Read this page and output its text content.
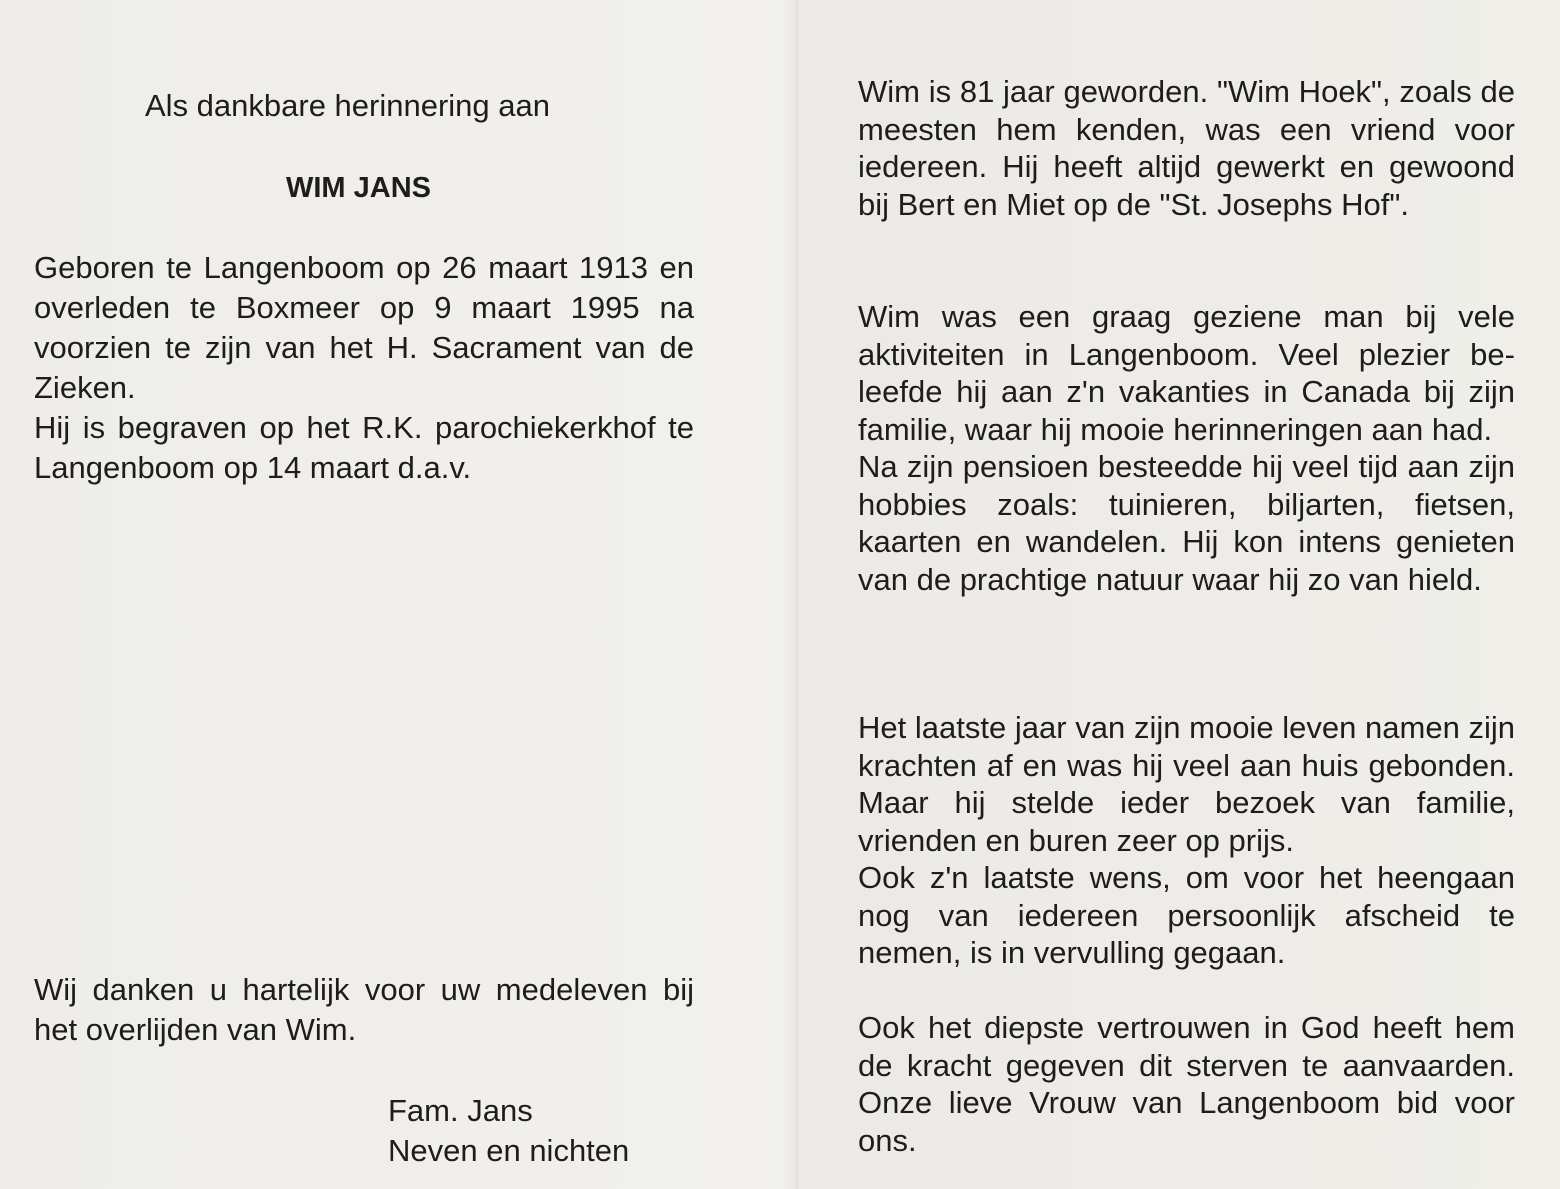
Als dankbare herinnering aan
WIM JANS
Geboren te Langenboom op 26 maart 1913 en overleden te Boxmeer op 9 maart 1995 na voorzien te zijn van het H. Sacrament van de Zieken.
Hij is begraven op het R.K. parochiekerkhof te Langenboom op 14 maart d.a.v.

Wij danken u hartelijk voor uw medeleven bij het overlijden van Wim.

Fam. Jans
Neven en nichten

Wim is 81 jaar geworden. "Wim Hoek", zoals de meesten hem kenden, was een vriend voor iedereen. Hij heeft altijd gewerkt en gewoond bij Bert en Miet op de "St. Josephs Hof".

Wim was een graag geziene man bij vele aktiviteiten in Langenboom. Veel plezier beleefde hij aan z'n vakanties in Canada bij zijn familie, waar hij mooie herinneringen aan had.
Na zijn pensioen besteedde hij veel tijd aan zijn hobbies zoals: tuinieren, biljarten, fietsen, kaarten en wandelen. Hij kon intens genieten van de prachtige natuur waar hij zo van hield.
Het laatste jaar van zijn mooie leven namen zijn krachten af en was hij veel aan huis gebonden. Maar hij stelde ieder bezoek van familie, vrienden en buren zeer op prijs.
Ook z'n laatste wens, om voor het heengaan nog van iedereen persoonlijk afscheid te nemen, is in vervulling gegaan.

Ook het diepste vertrouwen in God heeft hem de kracht gegeven dit sterven te aanvaarden. Onze lieve Vrouw van Langenboom bid voor ons.
